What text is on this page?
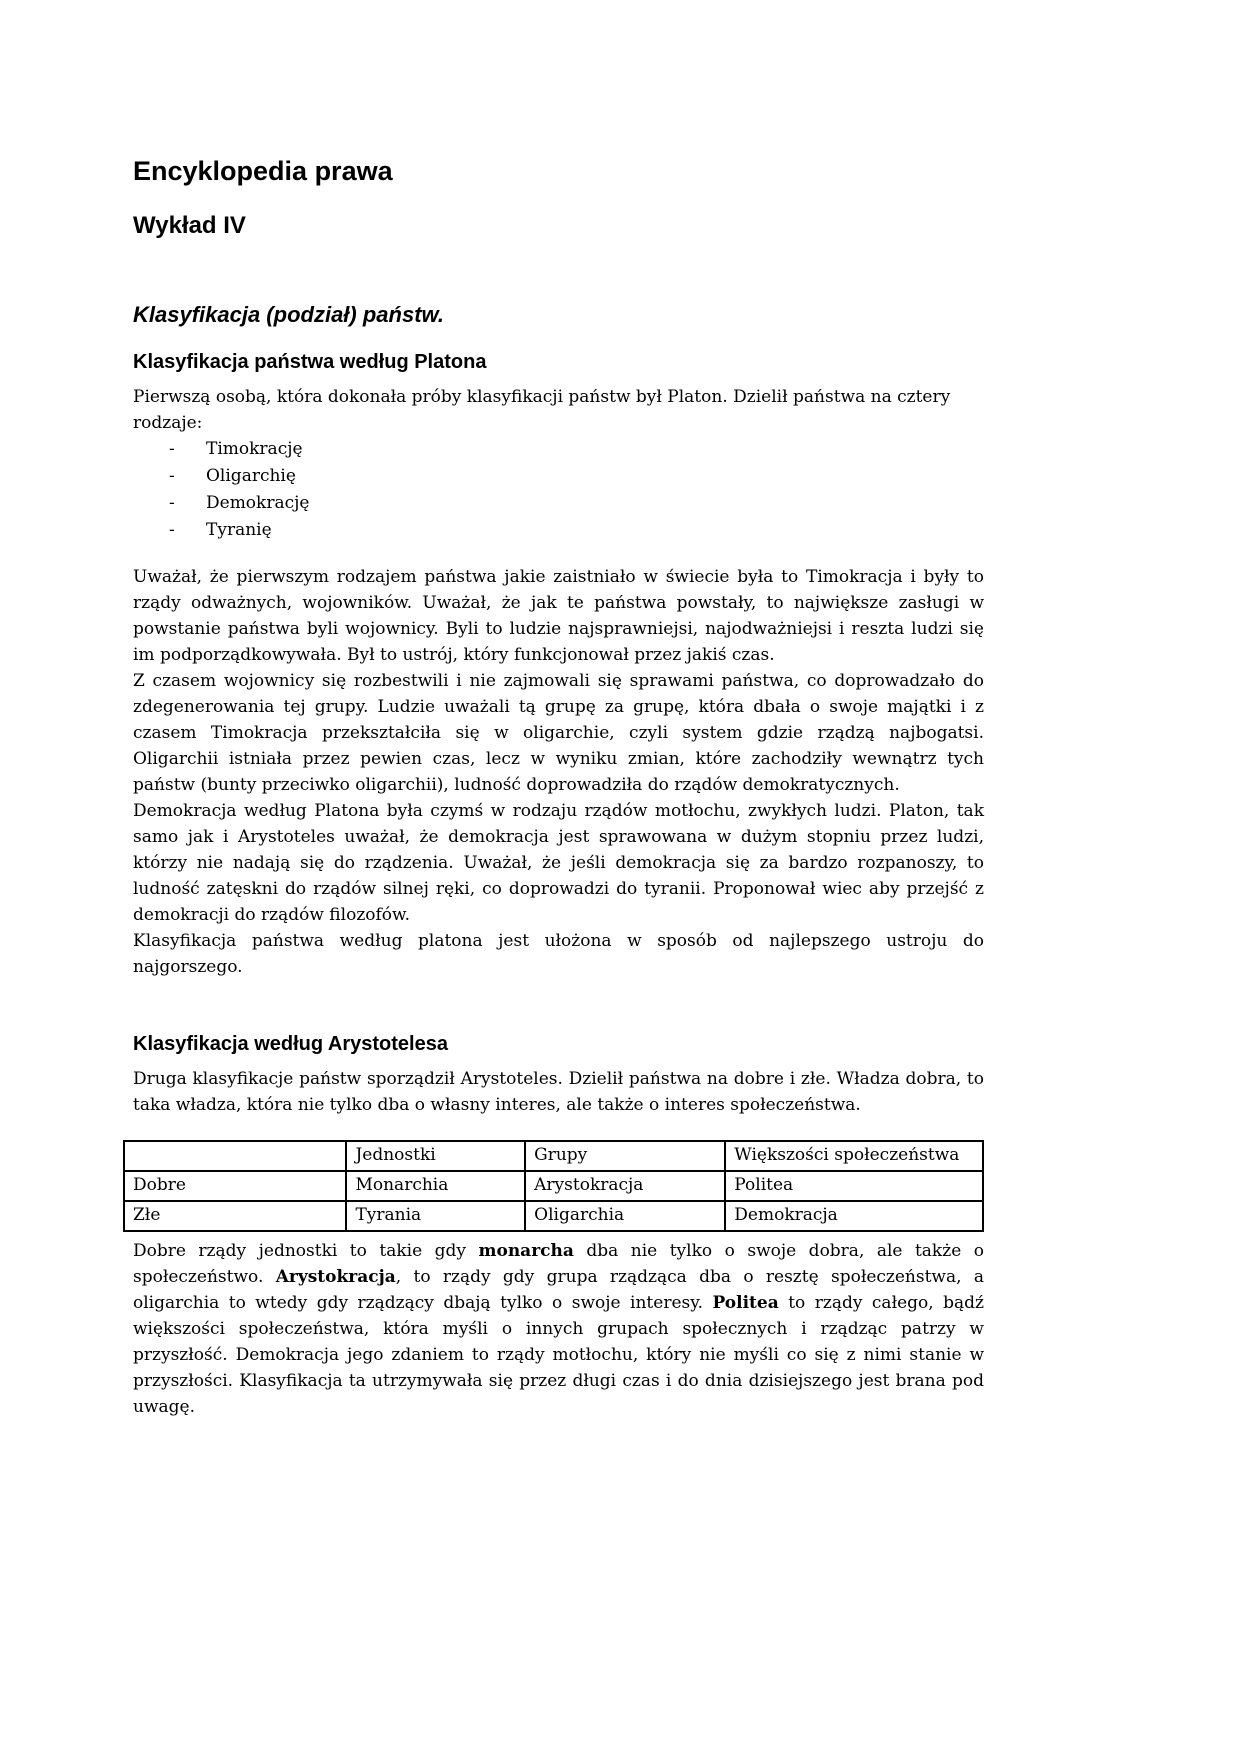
Encyklopedia prawa
Wykład IV
Klasyfikacja (podział) państw.
Klasyfikacja państwa według Platona

Pierwszą osobą, która dokonała próby klasyfikacji państw był Platon. Dzielił państwa na cztery rodzaje:

- Timokrację
- Oligarchię
- Demokrację
- Tyranię

Uważał, że pierwszym rodzajem państwa jakie zaistniało w świecie była to Timokracja i były to rządy odważnych, wojowników. Uważał, że jak te państwa powstały, to największe zasługi w powstanie państwa byli wojownicy. Byli to ludzie najsprawniejsi, najodważniejsi i reszta ludzi się im podporządkowywała. Był to ustrój, który funkcjonował przez jakiś czas.

Z czasem wojownicy się rozbestwili i nie zajmowali się sprawami państwa, co doprowadzało do zdegenerowania tej grupy. Ludzie uważali tą grupę za grupę, która dbała o swoje majątki i z czasem Timokracja przekształciła się w oligarchie, czyli system gdzie rządzą najbogatsi. Oligarchii istniała przez pewien czas, lecz w wyniku zmian, które zachodziły wewnątrz tych państw (bunty przeciwko oligarchii), ludność doprowadziła do rządów demokratycznych.

Demokracja według Platona była czymś w rodzaju rządów motłochu, zwykłych ludzi. Platon, tak samo jak i Arystoteles uważał, że demokracja jest sprawowana w dużym stopniu przez ludzi, którzy nie nadają się do rządzenia. Uważał, że jeśli demokracja się za bardzo rozpanoszy, to ludność zatęskni do rządów silnej ręki, co doprowadzi do tyranii. Proponował wiec aby przejść z demokracji do rządów filozofów.

Klasyfikacja państwa według platona jest ułożona w sposób od najlepszego ustroju do najgorszego.

Klasyfikacja według Arystotelesa

Druga klasyfikacje państw sporządził Arystoteles. Dzielił państwa na dobre i złe. Władza dobra, to taka władza, która nie tylko dba o własny interes, ale także o interes społeczeństwa.

	Jednostki	Grupy	Większości społeczeństwa
Dobre	Monarchia	Arystokracja	Politea
Złe	Tyrania	Oligarchia	Demokracja

Dobre rządy jednostki to takie gdy monarcha dba nie tylko o swoje dobra, ale także o społeczeństwo. Arystokracja, to rządy gdy grupa rządząca dba o resztę społeczeństwa, a oligarchia to wtedy gdy rządzący dbają tylko o swoje interesy. Politea to rządy całego, bądź większości społeczeństwa, która myśli o innych grupach społecznych i rządząc patrzy w przyszłość. Demokracja jego zdaniem to rządy motłochu, który nie myśli co się z nimi stanie w przyszłości. Klasyfikacja ta utrzymywała się przez długi czas i do dnia dzisiejszego jest brana pod uwagę.
